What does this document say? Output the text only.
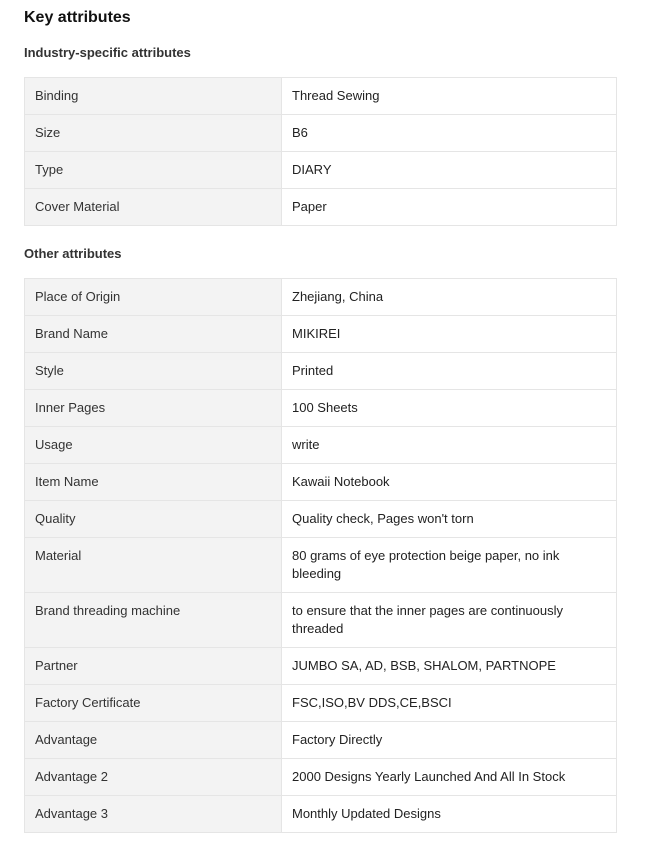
Key attributes
Industry-specific attributes
Binding	Thread Sewing
Size	B6
Type	DIARY
Cover Material	Paper
Other attributes
Place of Origin	Zhejiang, China
Brand Name	MIKIREI
Style	Printed
Inner Pages	100 Sheets
Usage	write
Item Name	Kawaii Notebook
Quality	Quality check, Pages won't torn
Material	80 grams of eye protection beige paper, no ink bleeding
Brand threading machine	to ensure that the inner pages are continuously threaded
Partner	JUMBO SA, AD, BSB, SHALOM, PARTNOPE
Factory Certificate	FSC,ISO,BV DDS,CE,BSCI
Advantage	Factory Directly
Advantage 2	2000 Designs Yearly Launched And All In Stock
Advantage 3	Monthly Updated Designs
